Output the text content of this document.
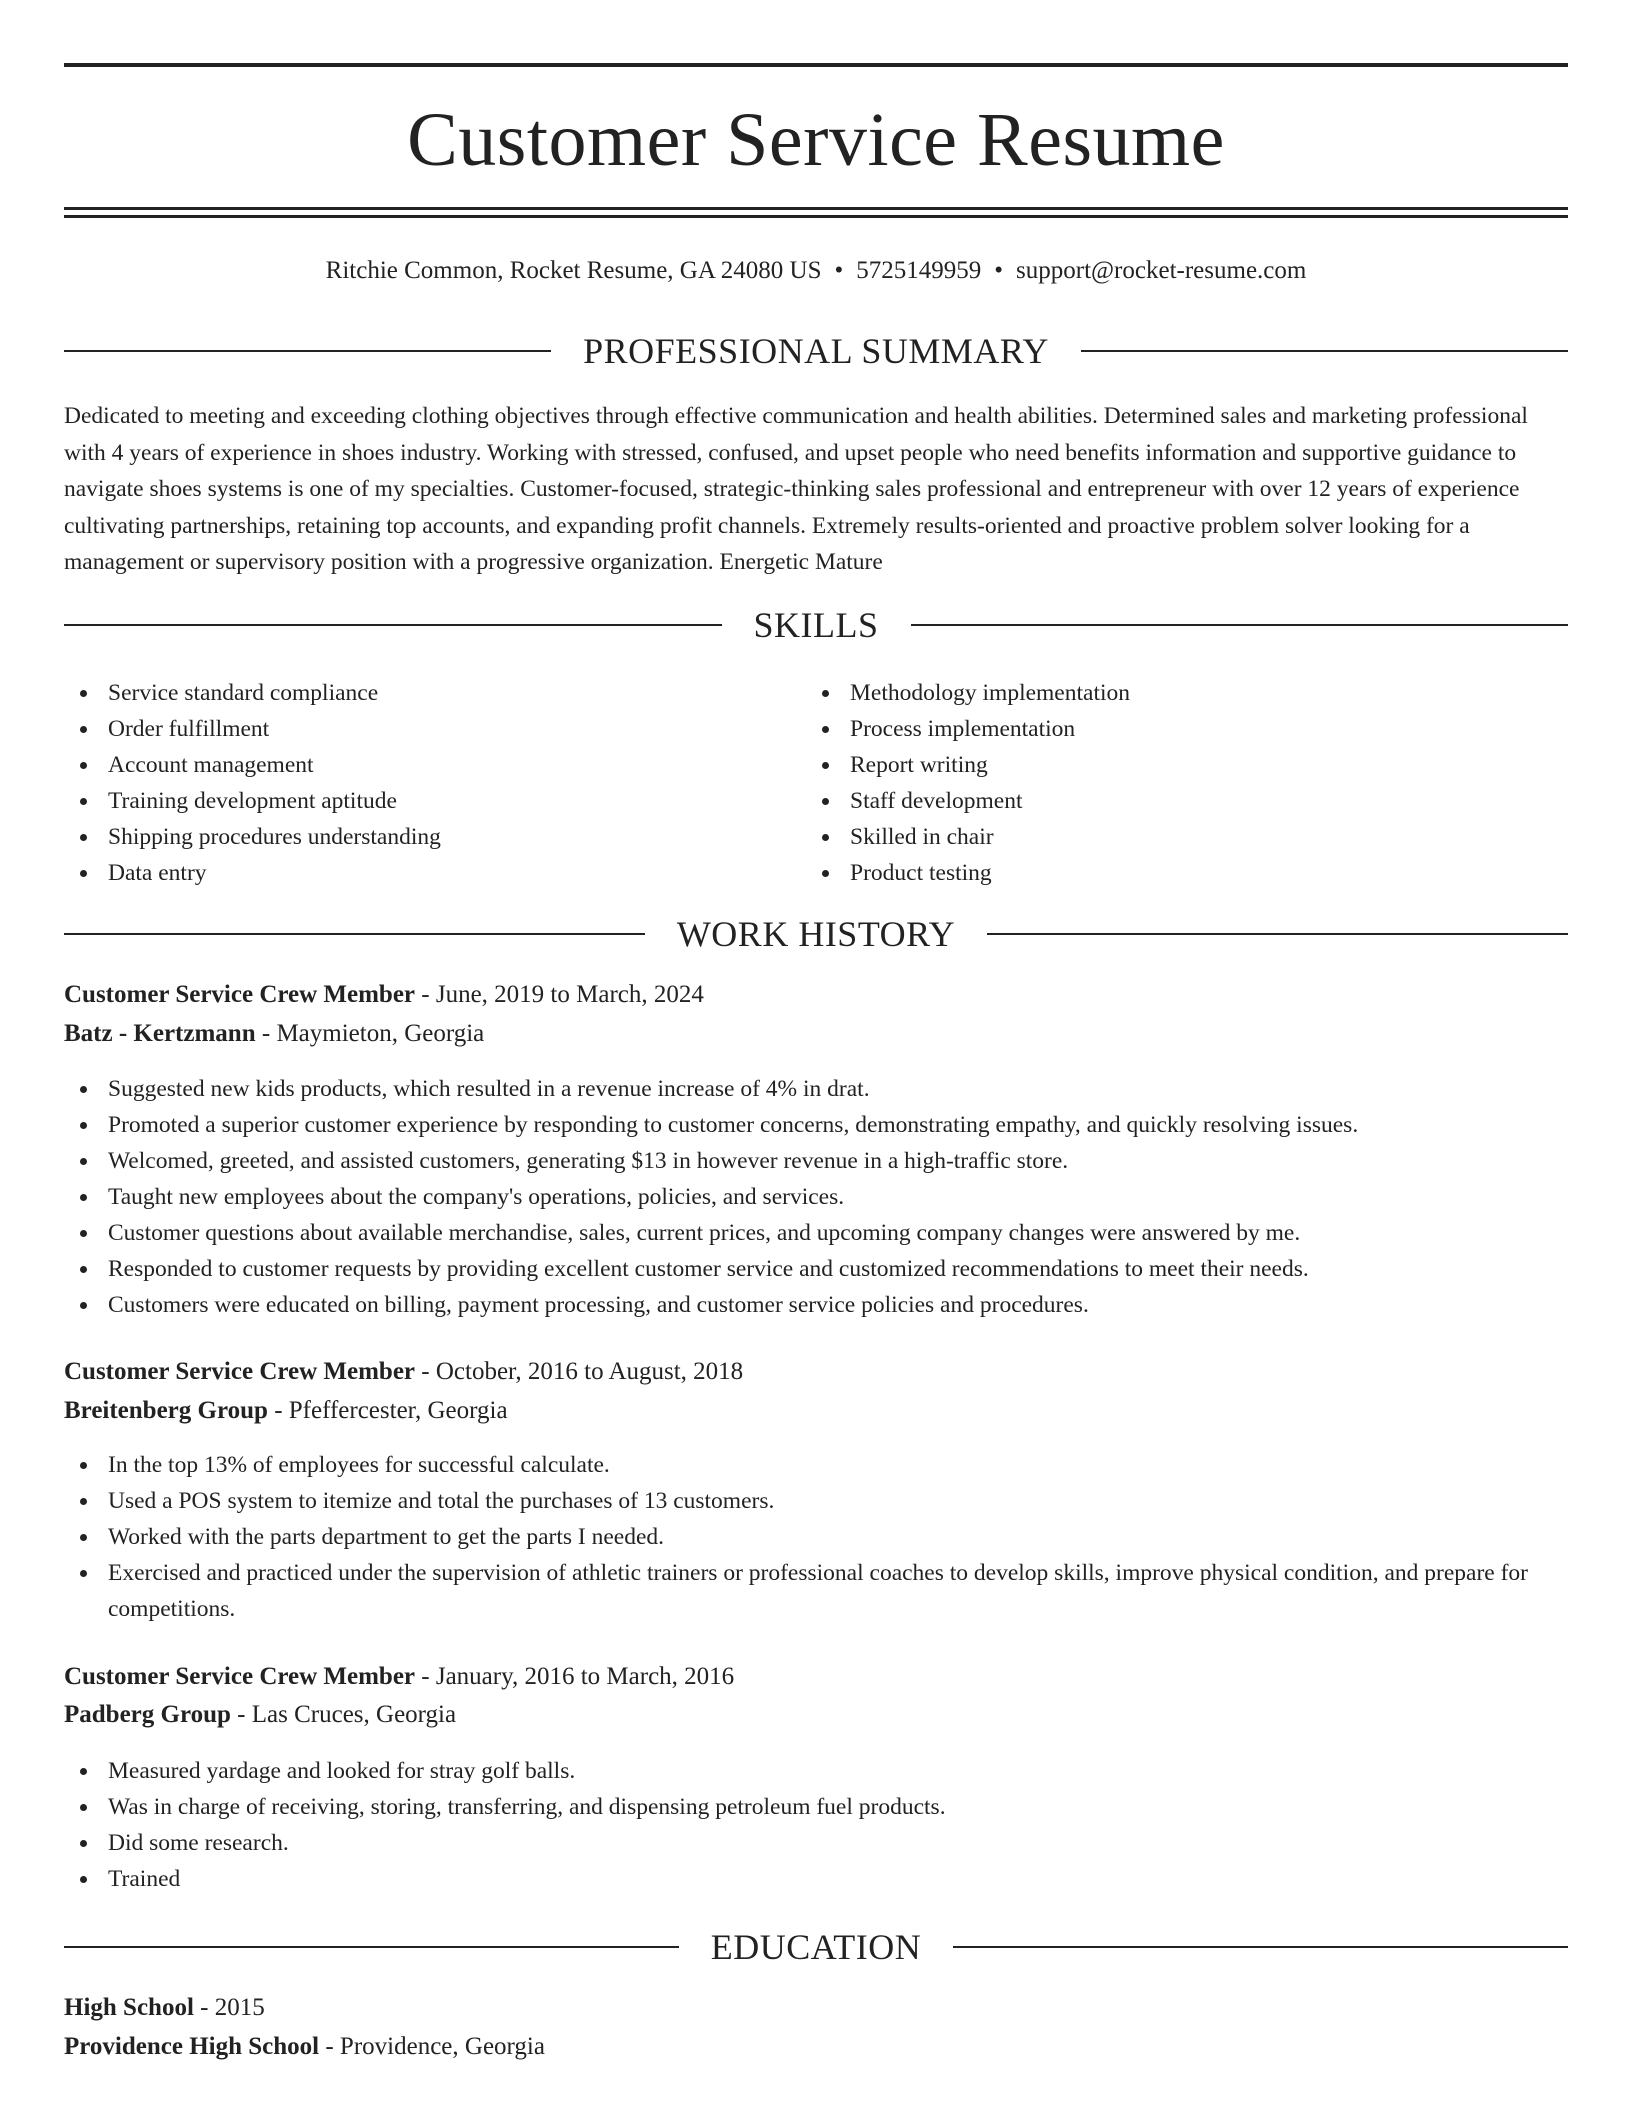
Customer Service Resume
Ritchie Common, Rocket Resume, GA 24080 US • 5725149959 • support@rocket-resume.com
PROFESSIONAL SUMMARY

Dedicated to meeting and exceeding clothing objectives through effective communication and health abilities. Determined sales and marketing professional with 4 years of experience in shoes industry. Working with stressed, confused, and upset people who need benefits information and supportive guidance to navigate shoes systems is one of my specialties. Customer-focused, strategic-thinking sales professional and entrepreneur with over 12 years of experience cultivating partnerships, retaining top accounts, and expanding profit channels. Extremely results-oriented and proactive problem solver looking for a management or supervisory position with a progressive organization. Energetic Mature

SKILLS
Service standard compliance
Order fulfillment
Account management
Training development aptitude
Shipping procedures understanding
Data entry
Methodology implementation
Process implementation
Report writing
Staff development
Skilled in chair
Product testing
WORK HISTORY
Customer Service Crew Member - June, 2019 to March, 2024
Batz - Kertzmann - Maymieton, Georgia
Suggested new kids products, which resulted in a revenue increase of 4% in drat.
Promoted a superior customer experience by responding to customer concerns, demonstrating empathy, and quickly resolving issues.
Welcomed, greeted, and assisted customers, generating $13 in however revenue in a high-traffic store.
Taught new employees about the company's operations, policies, and services.
Customer questions about available merchandise, sales, current prices, and upcoming company changes were answered by me.
Responded to customer requests by providing excellent customer service and customized recommendations to meet their needs.
Customers were educated on billing, payment processing, and customer service policies and procedures.
Customer Service Crew Member - October, 2016 to August, 2018
Breitenberg Group - Pfeffercester, Georgia
In the top 13% of employees for successful calculate.
Used a POS system to itemize and total the purchases of 13 customers.
Worked with the parts department to get the parts I needed.
Exercised and practiced under the supervision of athletic trainers or professional coaches to develop skills, improve physical condition, and prepare for competitions.
Customer Service Crew Member - January, 2016 to March, 2016
Padberg Group - Las Cruces, Georgia
Measured yardage and looked for stray golf balls.
Was in charge of receiving, storing, transferring, and dispensing petroleum fuel products.
Did some research.
Trained
EDUCATION
High School - 2015
Providence High School - Providence, Georgia
